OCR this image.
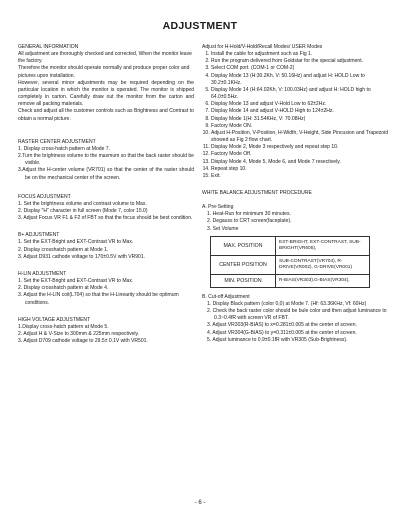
ADJUSTMENT

GENERAL INFORMATION

All adjustment are thoroughly checked and corrected, When the monitor leave the factory.

Therefore the monitor should operate normally and produce proper color and pictures upon installation.

However, several minor adjustments may be required depending on the particular location in which the monitor is operated. The monitor is shipped completely in carton. Carefully draw out the monitor from the carton and remove all packing materials.

Check and adjust all the customer controls such as Brightness and Contrast to obtain a normal picture.

RASTER CENTER ADJUSTMENT

1. Display cross-hatch pattern at Mode 7.

2.Turn the brightness volume to the maxmum so that the back raster should be visible.

3.Adjust the H-center volume (VR701) so that the center of the raster should be on the mechanical center of the screen.

FOCUS ADJUSTMENT

1. Set the brightness volume and contrast volume to Max.

2. Display "H" character in full screen (Mode 7, color 15.0)

3. Adjust Focus VR F1 & F2 of FBT so that the focus should be best condition.

B+ ADJUSTMENT

1. Set the EXT-Bright and EXT-Contrast VR to Max.

2. Display crosshatch pattern at Mode 1.

3. Adjust D931 cathode voltage to 170±0.5V with VR901.

H-LIN ADJUSTMENT

1. Set the EXT-Bright and EXT-Contrast VR to Max.

2. Display crosshatch pattern at Mode 4.

3. Adjust the H-LIN coil(L704) so that the H-Linearity should be optimum conditions.

HIGH VOLTAGE ADJUSTMENT

1.Display cross-hatch pattern at Mode 5.

2. Adjust H & V-Size to 300mm & 225mm respectively.

3. Adjust D709 cathode voltage to 29.5± 0.1V with VR501.

Adjust for H-Hold/V-Hold/Recall Modes/ USER Modes

1. Install the cable for adjustment such as Fig 1.
2. Run the program delivered from Goldstar for the special adjustment.
3. Select COM port. (COM-1 or COM-2)
4. Display Mode 13 (H:30.2Kh, V: 50.16Hz) and adjust H: HOLD Low to 30.2±0.1KHz.
5. Display Mode 14 (H:64.02Kh, V: 100.03Hz) and adjust H: HOLD high to 64.0±0.5Hz.
6. Display Mode 13 and adjust V-Hold Low to 62±2Hz.
7. Display Mode 14 and adjust V-HOLD High to 124±2Hz.
8. Display Mode 1(H: 31.54KHz, V: 70.08Hz)
9. Factory Mode ON.
10. Adjust H-Position, V-Position, H-Width, V-Height, Side Pincusion and Trapezoid showed as Fig 2 flow chart.
11. Display Mode 2, Mode 3 respectively and repeat step 10.
12. Factory Mode Off.
13. Display Mode 4, Mode 5, Mode 6, and Mode 7 resectively.
14. Repeat step 10.
15. Exit.

WHITE BALANCE ADJUSTMENT PROCEDURE

A. Pre-Setting

1. Heat-Run for minimum 30 minutes.

2. Degauss to CRT screen(faceplate).

3. Set Volume

MAX. POSITION	EXT-BRIGHT, EXT-CONTRAST, SUB-BRIGHT(VR605),
CENTER POSITION	SUB-CONTRAST(VR704), R-DRIVE(VR002), G-DRIVE(VR001)
MIN. POSITION	R-BIAS(VR303),G-BIAS(VR304),

B. Cut-off Adjustment

1. Display Black pattern (color 0,0) at Mode 7. (Hf: 63.36KHz, Vf: 60Hz)

2. Check the back raster color should be bule color and then adjust luminance to 0.3~0.4fR with screen VR of FBT.

3. Adjust VR303(R-BIAS) to x=0.281±0.005 at the center of screen.

4. Adjust VR304(G-BIAS) to y=0.311±0.005 at the center of screen.

5. Adjust luminance to 0.9±0.1fR with VR305 (Sub-Brightness).

- 6 -
